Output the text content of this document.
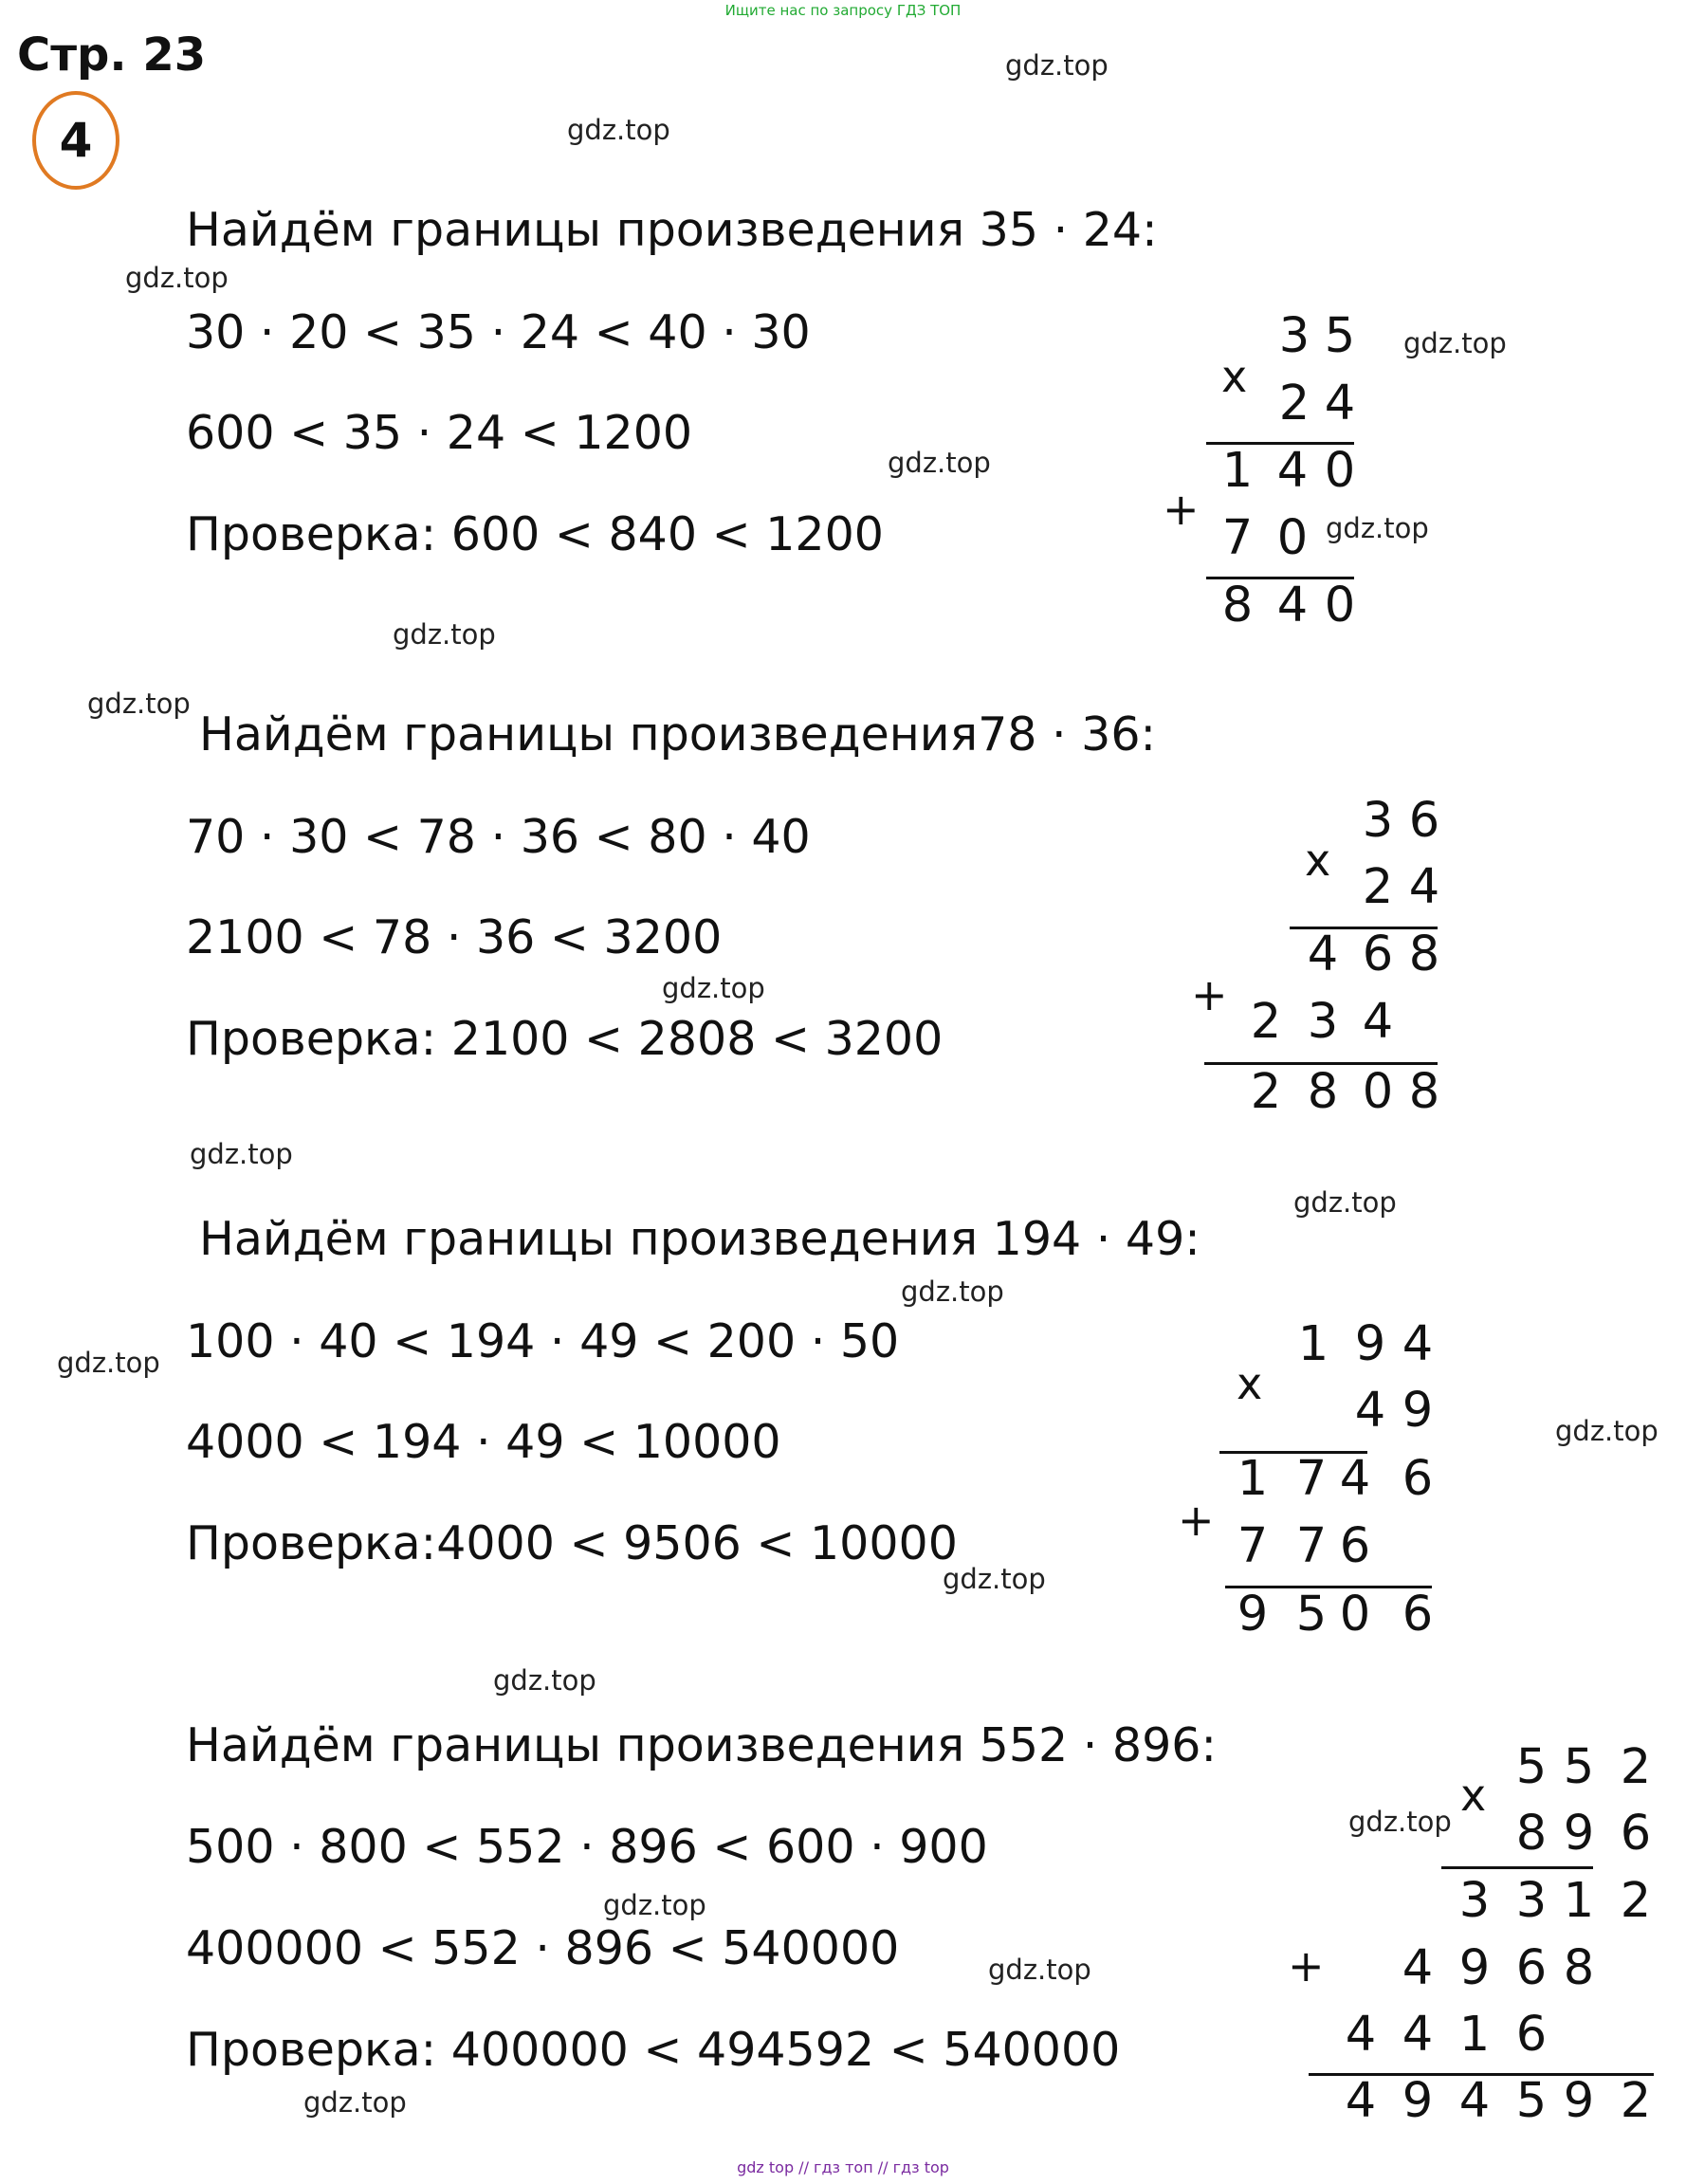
Ищите нас по запросу ГДЗ ТОП
Стр. 23
4
gdz.top
gdz.top
gdz.top
gdz.top
gdz.top
gdz.top
gdz.top
gdz.top
gdz.top
gdz.top
gdz.top
gdz.top
gdz.top
gdz.top
gdz.top
gdz.top
gdz.top
gdz.top
gdz.top
gdz.top
Найдём границы произведения 35 · 24:
30 · 20 < 35 · 24 < 40 · 30
600 < 35 · 24 < 1200
Проверка: 600 < 840 < 1200
x
3 5
2 4
+
1 4 0
7 0
8 4 0
Найдём границы произведения78 · 36:
70 · 30 < 78 · 36 < 80 · 40
2100 < 78 · 36 < 3200
Проверка: 2100 < 2808 < 3200
x
3 6
2 4
+
4 6 8
2 3 4
2 8 0 8
Найдём границы произведения 194 · 49:
100 · 40 < 194 · 49 < 200 · 50
4000 < 194 · 49 < 10000
Проверка:4000 < 9506 < 10000
x
1 9 4
4 9
+
1 7 4 6
7 7 6
9 5 0 6
Найдём границы произведения 552 · 896:
500 · 800 < 552 · 896 < 600 · 900
400000 < 552 · 896 < 540000
Проверка: 400000 < 494592 < 540000
x 5 5 2
8 9 6
3 3 1 2
+ 4 9 6 8
4 4 1 6
4 9 4 5 9 2
gdz top // гдз топ // гдз top
